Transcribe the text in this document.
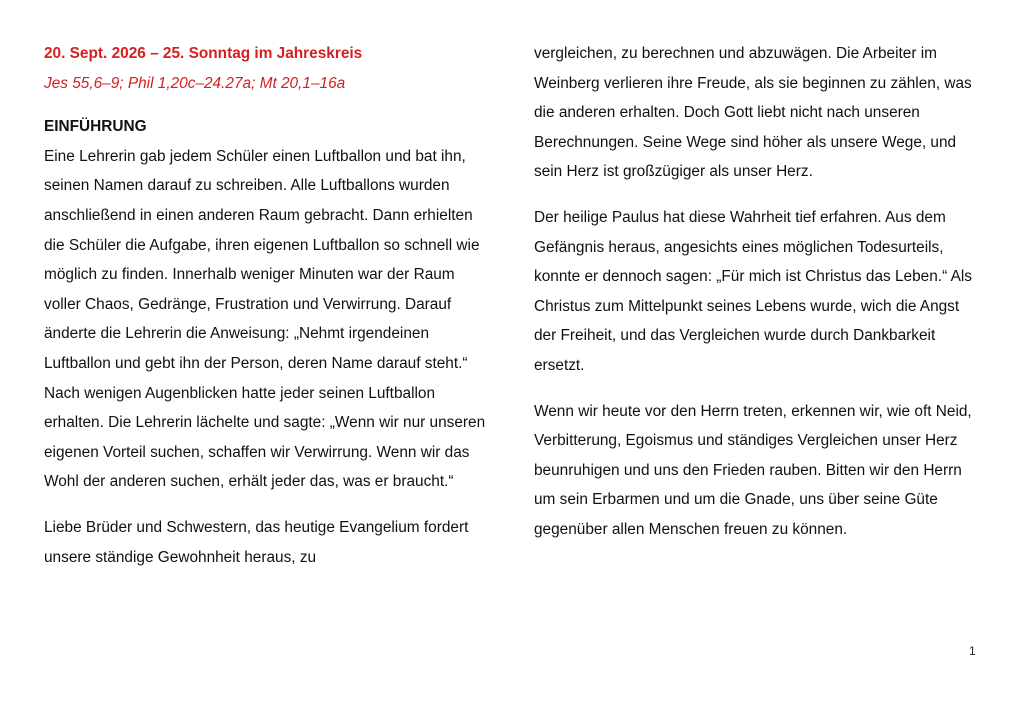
20. Sept. 2026 – 25. Sonntag im Jahreskreis
Jes 55,6–9; Phil 1,20c–24.27a; Mt 20,1–16a
EINFÜHRUNG

Eine Lehrerin gab jedem Schüler einen Luftballon und bat ihn, seinen Namen darauf zu schreiben. Alle Luftballons wurden anschließend in einen anderen Raum gebracht. Dann erhielten die Schüler die Aufgabe, ihren eigenen Luftballon so schnell wie möglich zu finden. Innerhalb weniger Minuten war der Raum voller Chaos, Gedränge, Frustration und Verwirrung. Darauf änderte die Lehrerin die Anweisung: „Nehmt irgendeinen Luftballon und gebt ihn der Person, deren Name darauf steht.“ Nach wenigen Augenblicken hatte jeder seinen Luftballon erhalten. Die Lehrerin lächelte und sagte: „Wenn wir nur unseren eigenen Vorteil suchen, schaffen wir Verwirrung. Wenn wir das Wohl der anderen suchen, erhält jeder das, was er braucht.“

Liebe Brüder und Schwestern, das heutige Evangelium fordert unsere ständige Gewohnheit heraus, zu

vergleichen, zu berechnen und abzuwägen. Die Arbeiter im Weinberg verlieren ihre Freude, als sie beginnen zu zählen, was die anderen erhalten. Doch Gott liebt nicht nach unseren Berechnungen. Seine Wege sind höher als unsere Wege, und sein Herz ist großzügiger als unser Herz.

Der heilige Paulus hat diese Wahrheit tief erfahren. Aus dem Gefängnis heraus, angesichts eines möglichen Todesurteils, konnte er dennoch sagen: „Für mich ist Christus das Leben.“ Als Christus zum Mittelpunkt seines Lebens wurde, wich die Angst der Freiheit, und das Vergleichen wurde durch Dankbarkeit ersetzt.

Wenn wir heute vor den Herrn treten, erkennen wir, wie oft Neid, Verbitterung, Egoismus und ständiges Vergleichen unser Herz beunruhigen und uns den Frieden rauben. Bitten wir den Herrn um sein Erbarmen und um die Gnade, uns über seine Güte gegenüber allen Menschen freuen zu können.

1
